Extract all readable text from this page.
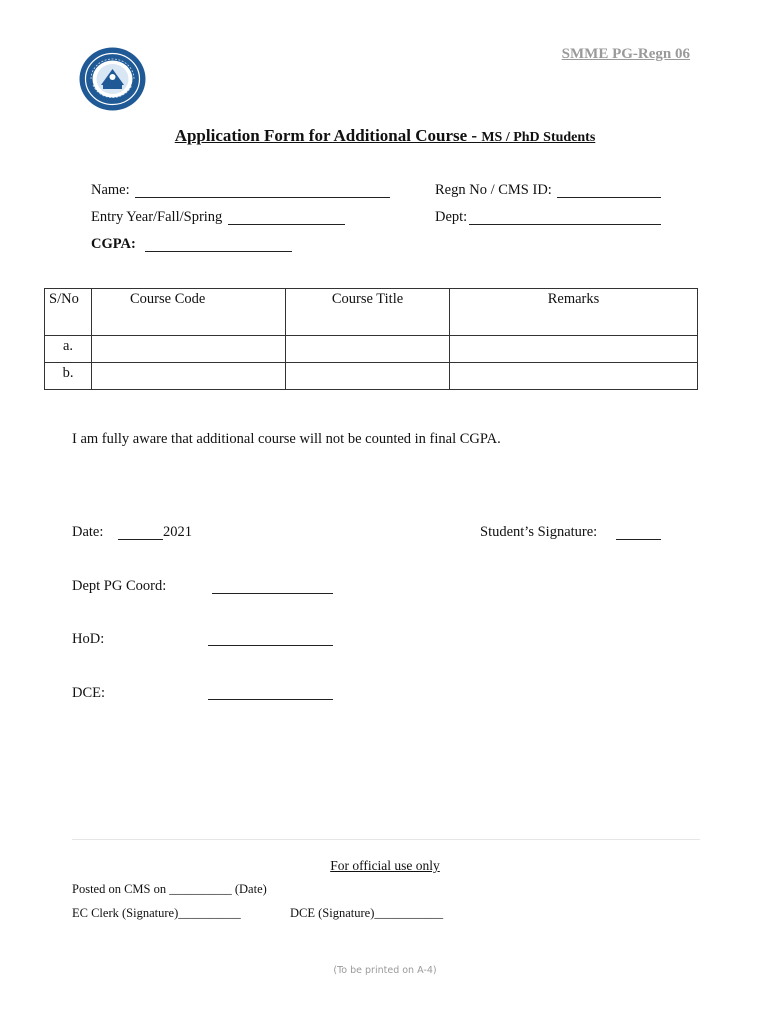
SMME PG-Regn 06
Application Form for Additional Course - MS / PhD Students
Name:	Regn No / CMS ID:
Entry Year/Fall/Spring	Dept:
CGPA:
S/No	Course Code	Course Title	Remarks
a.			
b.			
I am fully aware that additional course will not be counted in final CGPA.
Date:	2021	Student’s Signature:
Dept PG Coord:
HoD:
DCE:
For official use only
Posted on CMS on __________ (Date)
EC Clerk (Signature)__________	DCE (Signature)___________
(To be printed on A-4)
